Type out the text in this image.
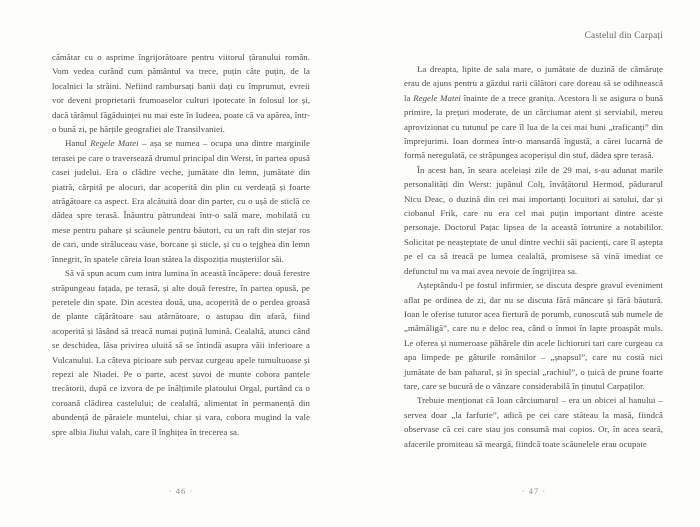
cămătar cu o asprime îngrijorătoare pentru viitorul țăranului român. Vom vedea curând cum pământul va trece, puțin câte puțin, de la localnici la străini. Nefiind rambursați banii dați cu împrumut, evreii vor deveni proprietarii frumoaselor culturi ipotecate în folosul lor și, dacă tărâmul făgăduinței nu mai este în Iudeea, poate că va apărea, într-o bună zi, pe hărțile geografiei ale Transilvaniei.

Hanul Regele Matei – așa se numea – ocupa una dintre marginile terasei pe care o traversează drumul principal din Werst, în partea opusă casei judelui. Era o clădire veche, jumătate din lemn, jumătate din piatră, cârpită pe alocuri, dar acoperită din plin cu verdeață și foarte atrăgătoare ca aspect. Era alcătuită doar din parter, cu o ușă de sticlă ce dădea spre terasă. Înăuntru pătrundeai într-o sală mare, mobilată cu mese pentru pahare și scăunele pentru băutori, cu un raft din stejar ros de cari, unde străluceau vase, borcane și sticle, și cu o tejghea din lemn înnegrit, în spatele căreia Ioan stătea la dispoziția mușteriilor săi.

Să vă spun acum cum intra lumina în această încăpere: două ferestre străpungeau fațada, pe terasă, și alte două ferestre, în partea opusă, pe peretele din spate. Din acestea două, una, acoperită de o perdea groasă de plante cățărătoare sau atârnătoare, o astupau din afară, fiind acoperită și lăsând să treacă numai puțină lumină. Cealaltă, atunci când se deschidea, lăsa privirea uluită să se întindă asupra văii inferioare a Vulcanului. La câteva picioare sub pervaz curgeau apele tumultuoase și repezi ale Niadei. Pe o parte, acest șuvoi de munte cobora pantele trecătorii, după ce izvora de pe înălțimile platoului Orgal, purtând ca o coroană clădirea castelului; de cealaltă, alimentat în permanență din abundență de pâraiele muntelui, chiar și vara, cobora mugind la vale spre albia Jiului valah, care îl înghițea în trecerea sa.

· 46 ·
Castelul din Carpați

La dreapta, lipite de sala mare, o jumătate de duzină de cămăruțe erau de ajuns pentru a găzdui rarii călători care doreau să se odihnească la Regele Matei înainte de a trece granița. Acestora li se asigura o bună primire, la prețuri moderate, de un cârciumar atent și serviabil, mereu aprovizionat cu tutunul pe care îl lua de la cei mai buni „traficanți” din împrejurimi. Ioan dormea într-o mansardă îngustă, a cărei lucarnă de formă neregulată, ce străpungea acoperișul din stuf, dădea spre terasă.

În acest han, în seara aceleiași zile de 29 mai, s-au adunat marile personalități din Werst: jupânul Colț, învățătorul Hermod, pădurarul Nicu Deac, o duzină din cei mai importanți locuitori ai satului, dar și ciobanul Frik, care nu era cel mai puțin important dintre aceste personaje. Doctorul Pațac lipsea de la această întrunire a notabililor. Solicitat pe neașteptate de unul dintre vechii săi pacienți, care îl aștepta pe el ca să treacă pe lumea cealaltă, promisese să vină imediat ce defunctul nu va mai avea nevoie de îngrijirea sa.

Așteptându-l pe fostul infirmier, se discuta despre gravul eveniment aflat pe ordinea de zi, dar nu se discuta fără mâncare și fără băutură. Ioan le oferise tuturor acea fiertură de porumb, cunoscută sub numele de „mămăligă”, care nu e deloc rea, când o înmoi în lapte proaspăt muls. Le oferea și numeroase păhărele din acele lichioruri tari care curgeau ca apa limpede pe gâturile românilor – „șnapsul”, care nu costă nici jumătate de ban paharul, și în special „rachiul”, o țuică de prune foarte tare, care se bucură de o vânzare considerabilă în ținutul Carpaților.

Trebuie menționat că Ioan cârciumarul – era un obicei al hanului – servea doar „la farfurie”, adică pe cei care stăteau la masă, fiindcă observase că cei care stau jos consumă mai copios. Or, în acea seară, afacerile promiteau să meargă, fiindcă toate scăunelele erau ocupate

· 47 ·
